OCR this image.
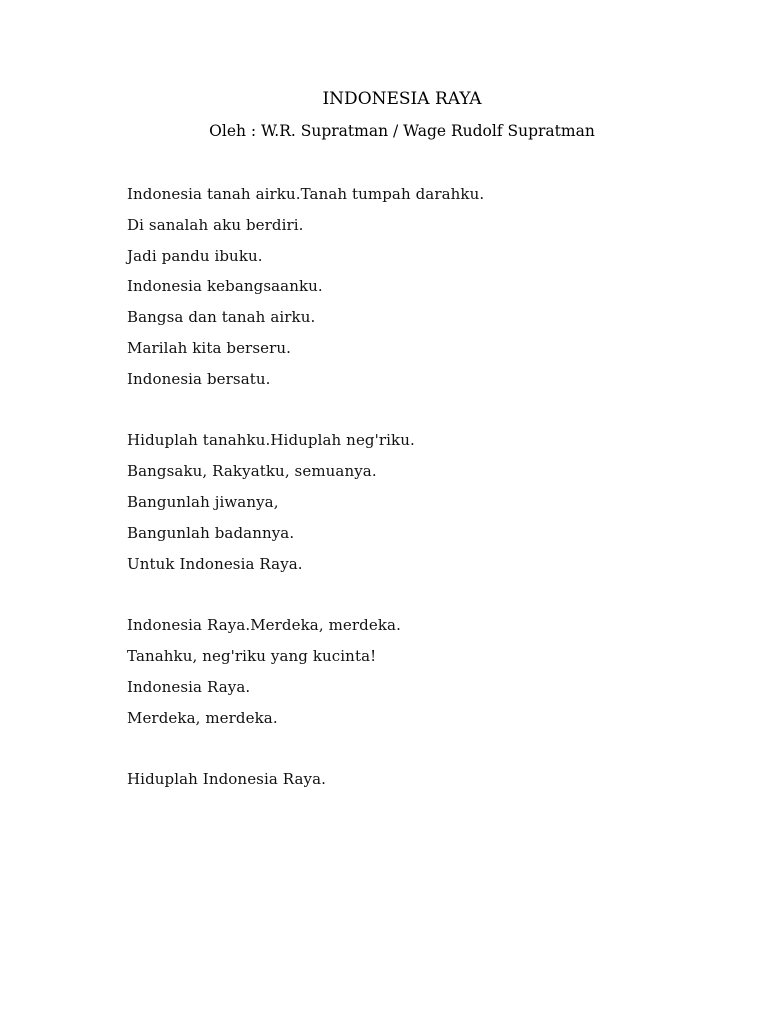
INDONESIA RAYA
Oleh : W.R. Supratman / Wage Rudolf Supratman
Indonesia tanah airku.Tanah tumpah darahku.
Di sanalah aku berdiri.
Jadi pandu ibuku.
Indonesia kebangsaanku.
Bangsa dan tanah airku.
Marilah kita berseru.
Indonesia bersatu.
Hiduplah tanahku.Hiduplah neg'riku.
Bangsaku, Rakyatku, semuanya.
Bangunlah jiwanya,
Bangunlah badannya.
Untuk Indonesia Raya.
Indonesia Raya.Merdeka, merdeka.
Tanahku, neg'riku yang kucinta!
Indonesia Raya.
Merdeka, merdeka.
Hiduplah Indonesia Raya.
